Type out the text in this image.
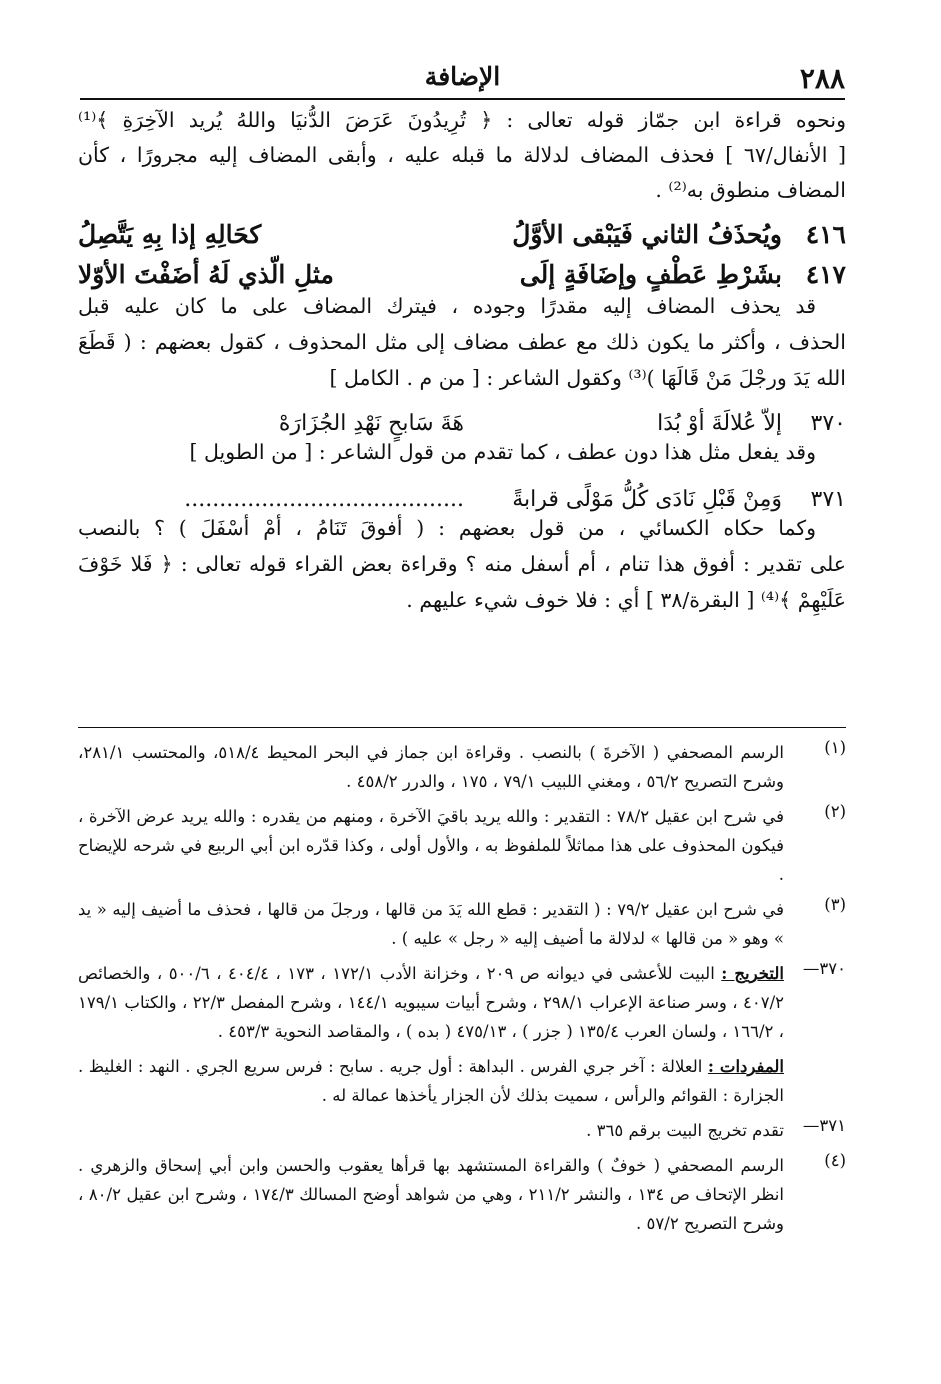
٢٨٨
الإضافة
ونحوه قراءة ابن جمّاز قوله تعالى : ﴿ تُرِيدُونَ عَرَضَ الدُّنيَا واللهُ يُريد الآخِرَةِ ﴾⁽¹⁾
[ الأنفال/٦٧ ] فحذف المضاف لدلالة ما قبله عليه ، وأبقى المضاف إليه مجرورًا ، كأن
المضاف منطوق به⁽²⁾ .
٤١٦
ويُحذَفُ الثاني فَيَبْقى الأوَّلُ
كحَالِهِ إذا بِهِ يَتَّصِلُ
٤١٧
بشَرْطِ عَطْفٍ وإضَافَةٍ إلَى
مثلِ الّذي لَهُ أضَفْتَ الأوّلا
قد يحذف المضاف إليه مقدرًا وجوده ، فيترك المضاف على ما كان عليه قبل
الحذف ، وأكثر ما يكون ذلك مع عطف مضاف إلى مثل المحذوف ، كقول بعضهم : ( قَطَعَ
الله يَدَ ورجْلَ مَنْ قَالَهَا )⁽³⁾ وكقول الشاعر : [ من م . الكامل ]
٣٧٠
إلاّ عُلالَةَ أوْ بُدَا
هَةَ سَابحٍ نَهْدِ الجُزَارَهْ
وقد يفعل مثل هذا دون عطف ، كما تقدم من قول الشاعر : [ من الطويل ]
٣٧١
وَمِنْ قَبْلِ نَادَى كُلُّ مَوْلًى قرابةً
........................................
وكما حكاه الكسائي ، من قول بعضهم : ( أفوقَ تَنَامُ ، أمْ أسْفَلَ ) ؟ بالنصب
على تقدير : أفوق هذا تنام ، أم أسفل منه ؟ وقراءة بعض القراء قوله تعالى : ﴿ فَلا خَوْفَ
عَلَيْهِمْ ﴾⁽⁴⁾ [ البقرة/٣٨ ] أي : فلا خوف شيء عليهم .
(١)
الرسم المصحفي ( الآخرةَ ) بالنصب . وقراءة ابن جماز في البحر المحيط ٥١٨/٤، والمحتسب ٢٨١/١، وشرح التصريح ٥٦/٢ ، ومغني اللبيب ٧٩/١ ، ١٧٥ ، والدرر ٤٥٨/٢ .
(٢)
في شرح ابن عقيل ٧٨/٢ : التقدير : والله يريد باقيَ الآخرة ، ومنهم من يقدره : والله يريد عرض الآخرة ، فيكون المحذوف على هذا مماثلاً للملفوظ به ، والأول أولى ، وكذا قدّره ابن أبي الربيع في شرحه للإيضاح .
(٣)
في شرح ابن عقيل ٧٩/٢ : ( التقدير : قطع الله يَدَ من قالها ، ورجلَ من قالها ، فحذف ما أضيف إليه « يد » وهو « من قالها » لدلالة ما أضيف إليه « رجل » عليه ) .
٣٧٠—
التخريج : البيت للأعشى في ديوانه ص ٢٠٩ ، وخزانة الأدب ١٧٢/١ ، ١٧٣ ، ٤٠٤/٤ ، ٥٠٠/٦ ، والخصائص ٤٠٧/٢ ، وسر صناعة الإعراب ٢٩٨/١ ، وشرح أبيات سيبويه ١٤٤/١ ، وشرح المفصل ٢٢/٣ ، والكتاب ١٧٩/١ ، ١٦٦/٢ ، ولسان العرب ١٣٥/٤ ( جزر ) ، ٤٧٥/١٣ ( بده ) ، والمقاصد النحوية ٤٥٣/٣ .
المفردات : العلالة : آخر جري الفرس . البداهة : أول جريه . سابح : فرس سريع الجري . النهد : الغليظ . الجزارة : القوائم والرأس ، سميت بذلك لأن الجزار يأخذها عمالة له .
٣٧١—
تقدم تخريج البيت برقم ٣٦٥ .
(٤)
الرسم المصحفي ( خوفٌ ) والقراءة المستشهد بها قرأها يعقوب والحسن وابن أبي إسحاق والزهري . انظر الإتحاف ص ١٣٤ ، والنشر ٢١١/٢ ، وهي من شواهد أوضح المسالك ١٧٤/٣ ، وشرح ابن عقيل ٨٠/٢ ، وشرح التصريح ٥٧/٢ .
